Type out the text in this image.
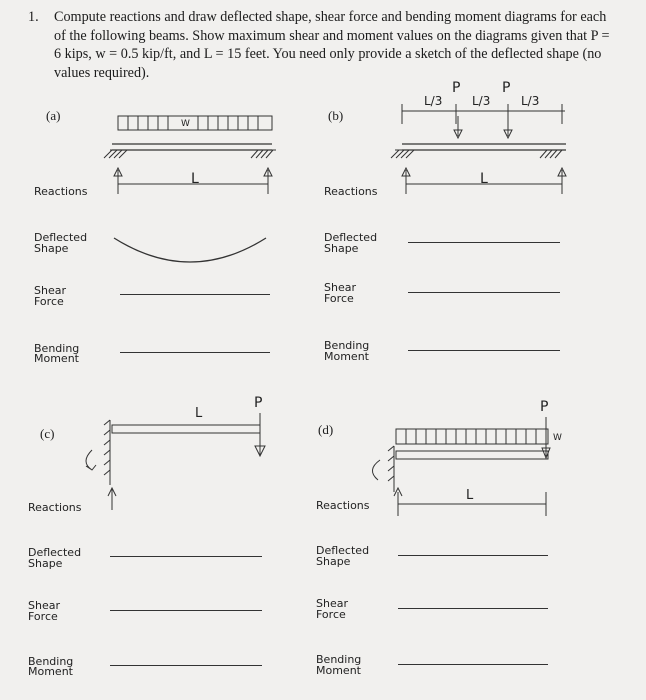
1. Compute reactions and draw deflected shape, shear force and bending moment diagrams for each of the following beams. Show maximum shear and moment values on the diagrams given that P = 6 kips, w = 0.5 kip/ft, and L = 15 feet. You need only provide a sketch of the deflected shape (no values required).
(a)	(b)
(c)	(d)
W
L
L/3 L/3	L/3
P	P
L
L
P	P
W
L
Reactions
Deflected
Shape
Shear
Force
Bending
Moment
Reactions
Deflected
Shape
Shear
Force
Bending
Moment
Reactions
Deflected
Shape
Shear
Force
Bending
Moment
Reactions
Deflected
Shape
Shear
Force
Bending
Moment
